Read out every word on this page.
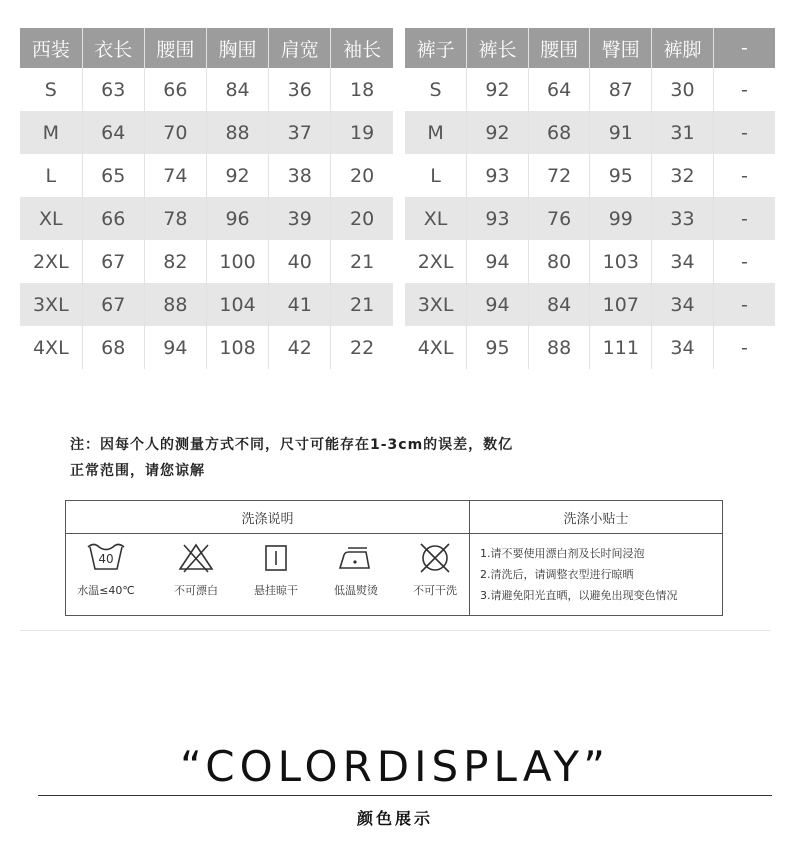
西装	衣长	腰围	胸围	肩宽	袖长
S	63	66	84	36	18
M	64	70	88	37	19
L	65	74	92	38	20
XL	66	78	96	39	20
2XL	67	82	100	40	21
3XL	67	88	104	41	21
4XL	68	94	108	42	22
裤子	裤长	腰围	臀围	裤脚	-
S	92	64	87	30	-
M	92	68	91	31	-
L	93	72	95	32	-
XL	93	76	99	33	-
2XL	94	80	103	34	-
3XL	94	84	107	34	-
4XL	95	88	111	34	-
注：因每个人的测量方式不同，尺寸可能存在1-3cm的误差，数亿
正常范围，请您谅解
洗涤说明	洗涤小贴士
40
水温≤40℃	不可漂白	悬挂晾干	低温熨烫	不可干洗
1.请不要使用漂白剂及长时间浸泡
2.清洗后，请调整衣型进行晾晒
3.请避免阳光直晒，以避免出现变色情况
“COLORDISPLAY”
颜色展示
